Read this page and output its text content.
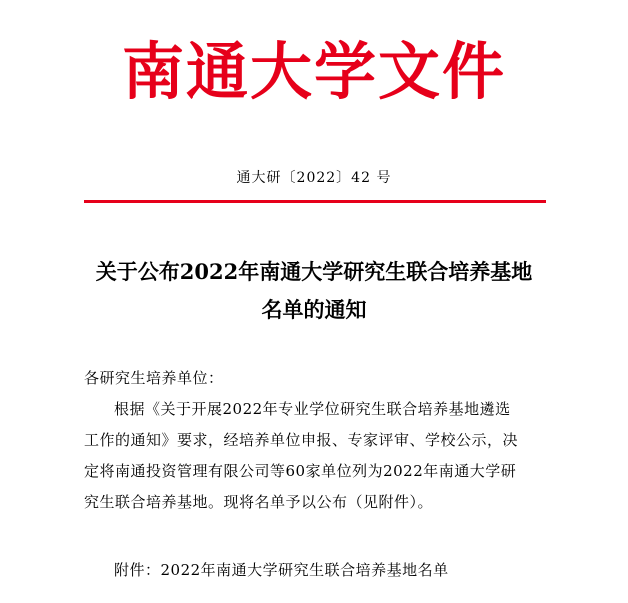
南通大学文件
通大研〔2022〕42 号
关于公布2022年南通大学研究生联合培养基地
名单的通知
各研究生培养单位：
根据《关于开展2022年专业学位研究生联合培养基地遴选
工作的通知》要求，经培养单位申报、专家评审、学校公示，决
定将南通投资管理有限公司等60家单位列为2022年南通大学研
究生联合培养基地。现将名单予以公布（见附件）。
附件：2022年南通大学研究生联合培养基地名单
